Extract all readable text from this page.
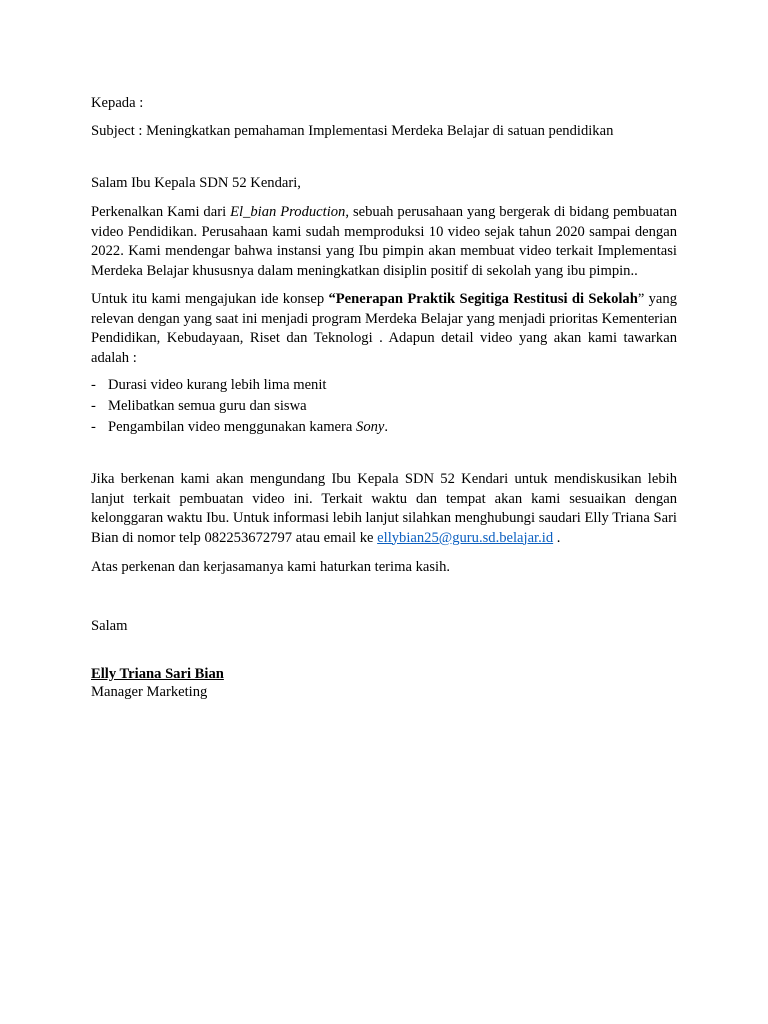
Kepada :
Subject : Meningkatkan pemahaman Implementasi Merdeka Belajar di satuan pendidikan
Salam Ibu Kepala SDN 52 Kendari,

Perkenalkan Kami dari El_bian Production, sebuah perusahaan yang bergerak di bidang pembuatan video Pendidikan. Perusahaan kami sudah memproduksi 10 video sejak tahun 2020 sampai dengan 2022. Kami mendengar bahwa instansi yang Ibu pimpin akan membuat video terkait Implementasi Merdeka Belajar khususnya dalam meningkatkan disiplin positif di sekolah yang ibu pimpin..

Untuk itu kami mengajukan ide konsep “Penerapan Praktik Segitiga Restitusi di Sekolah” yang relevan dengan yang saat ini menjadi program Merdeka Belajar yang menjadi prioritas Kementerian Pendidikan, Kebudayaan, Riset dan Teknologi . Adapun detail video yang akan kami tawarkan adalah :

- Durasi video kurang lebih lima menit
- Melibatkan semua guru dan siswa
- Pengambilan video menggunakan kamera Sony.

Jika berkenan kami akan mengundang Ibu Kepala SDN 52 Kendari untuk mendiskusikan lebih lanjut terkait pembuatan video ini. Terkait waktu dan tempat akan kami sesuaikan dengan kelonggaran waktu Ibu. Untuk informasi lebih lanjut silahkan menghubungi saudari Elly Triana Sari Bian di nomor telp 082253672797 atau email ke ellybian25@guru.sd.belajar.id .

Atas perkenan dan kerjasamanya kami haturkan terima kasih.
Salam
Elly Triana Sari Bian
Manager Marketing
